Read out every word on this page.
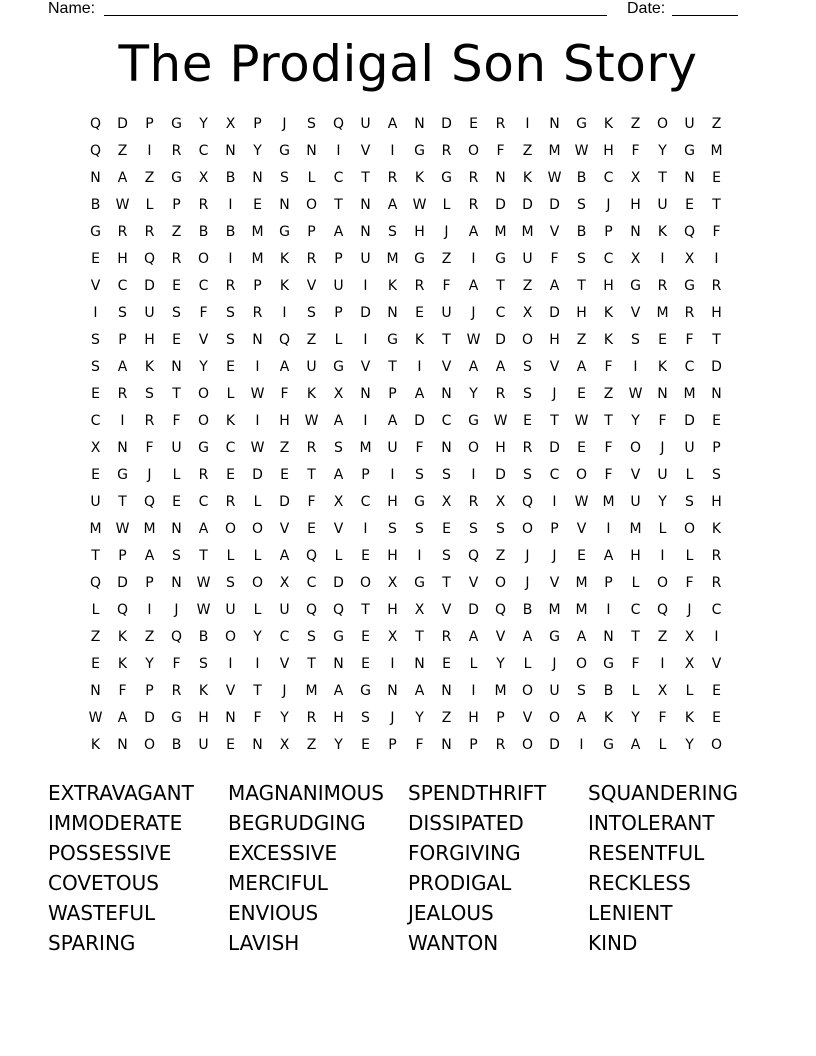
Name:	Date:
The Prodigal Son Story
Q	D	P	G	Y	X	P	J	S	Q	U	A	N	D	E	R	I	N	G	K	Z	O	U	Z
Q	Z	I	R	C	N	Y	G	N	I	V	I	G	R	O	F	Z	M	W	H	F	Y	G	M
N	A	Z	G	X	B	N	S	L	C	T	R	K	G	R	N	K	W	B	C	X	T	N	E
B	W	L	P	R	I	E	N	O	T	N	A	W	L	R	D	D	D	S	J	H	U	E	T
G	R	R	Z	B	B	M	G	P	A	N	S	H	J	A	M	M	V	B	P	N	K	Q	F
E	H	Q	R	O	I	M	K	R	P	U	M	G	Z	I	G	U	F	S	C	X	I	X	I
V	C	D	E	C	R	P	K	V	U	I	K	R	F	A	T	Z	A	T	H	G	R	G	R
I	S	U	S	F	S	R	I	S	P	D	N	E	U	J	C	X	D	H	K	V	M	R	H
S	P	H	E	V	S	N	Q	Z	L	I	G	K	T	W	D	O	H	Z	K	S	E	F	T
S	A	K	N	Y	E	I	A	U	G	V	T	I	V	A	A	S	V	A	F	I	K	C	D
E	R	S	T	O	L	W	F	K	X	N	P	A	N	Y	R	S	J	E	Z	W	N	M	N
C	I	R	F	O	K	I	H	W	A	I	A	D	C	G	W	E	T	W	T	Y	F	D	E
X	N	F	U	G	C	W	Z	R	S	M	U	F	N	O	H	R	D	E	F	O	J	U	P
E	G	J	L	R	E	D	E	T	A	P	I	S	S	I	D	S	C	O	F	V	U	L	S
U	T	Q	E	C	R	L	D	F	X	C	H	G	X	R	X	Q	I	W	M	U	Y	S	H
M	W	M	N	A	O	O	V	E	V	I	S	S	E	S	S	O	P	V	I	M	L	O	K
T	P	A	S	T	L	L	A	Q	L	E	H	I	S	Q	Z	J	J	E	A	H	I	L	R
Q	D	P	N	W	S	O	X	C	D	O	X	G	T	V	O	J	V	M	P	L	O	F	R
L	Q	I	J	W	U	L	U	Q	Q	T	H	X	V	D	Q	B	M	M	I	C	Q	J	C
Z	K	Z	Q	B	O	Y	C	S	G	E	X	T	R	A	V	A	G	A	N	T	Z	X	I
E	K	Y	F	S	I	I	V	T	N	E	I	N	E	L	Y	L	J	O	G	F	I	X	V
N	F	P	R	K	V	T	J	M	A	G	N	A	N	I	M	O	U	S	B	L	X	L	E
W	A	D	G	H	N	F	Y	R	H	S	J	Y	Z	H	P	V	O	A	K	Y	F	K	E
K	N	O	B	U	E	N	X	Z	Y	E	P	F	N	P	R	O	D	I	G	A	L	Y	O
EXTRAVAGANT	MAGNANIMOUS	SPENDTHRIFT	SQUANDERING
IMMODERATE	BEGRUDGING	DISSIPATED	INTOLERANT
POSSESSIVE	EXCESSIVE	FORGIVING	RESENTFUL
COVETOUS	MERCIFUL	PRODIGAL	RECKLESS
WASTEFUL	ENVIOUS	JEALOUS	LENIENT
SPARING	LAVISH	WANTON	KIND
